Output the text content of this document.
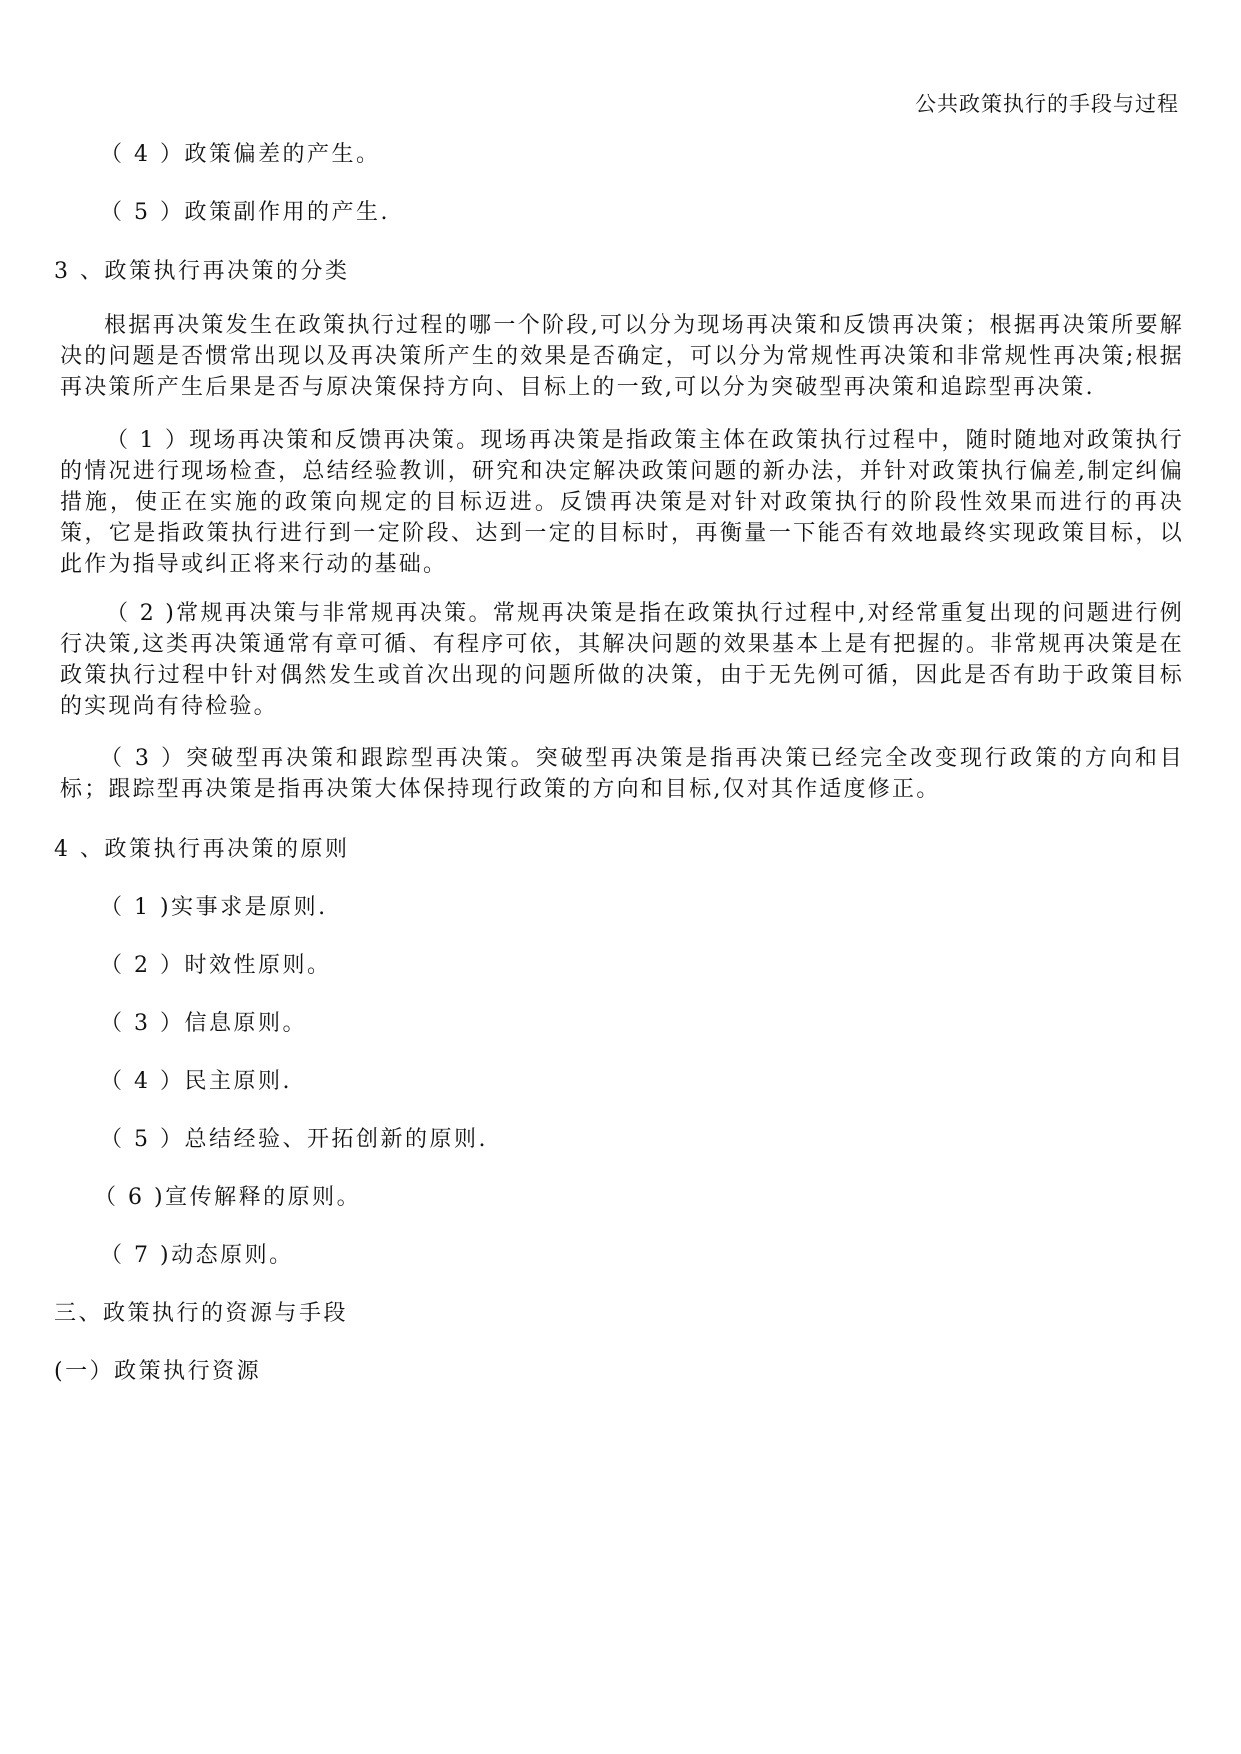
公共政策执行的手段与过程
（ 4 ）政策偏差的产生。
（ 5 ）政策副作用的产生.
3 、政策执行再决策的分类
根据再决策发生在政策执行过程的哪一个阶段,可以分为现场再决策和反馈再决策；根据再决策所要解决的问题是否惯常出现以及再决策所产生的效果是否确定，可以分为常规性再决策和非常规性再决策;根据再决策所产生后果是否与原决策保持方向、目标上的一致,可以分为突破型再决策和追踪型再决策.
（ 1 ）现场再决策和反馈再决策。现场再决策是指政策主体在政策执行过程中，随时随地对政策执行的情况进行现场检查，总结经验教训，研究和决定解决政策问题的新办法，并针对政策执行偏差,制定纠偏措施，使正在实施的政策向规定的目标迈进。反馈再决策是对针对政策执行的阶段性效果而进行的再决策，它是指政策执行进行到一定阶段、达到一定的目标时，再衡量一下能否有效地最终实现政策目标，以此作为指导或纠正将来行动的基础。
（ 2 )常规再决策与非常规再决策。常规再决策是指在政策执行过程中,对经常重复出现的问题进行例行决策,这类再决策通常有章可循、有程序可依，其解决问题的效果基本上是有把握的。非常规再决策是在政策执行过程中针对偶然发生或首次出现的问题所做的决策，由于无先例可循，因此是否有助于政策目标的实现尚有待检验。
（ 3 ）突破型再决策和跟踪型再决策。突破型再决策是指再决策已经完全改变现行政策的方向和目标；跟踪型再决策是指再决策大体保持现行政策的方向和目标,仅对其作适度修正。
4 、政策执行再决策的原则
（ 1 )实事求是原则.
（ 2 ）时效性原则。
（ 3 ）信息原则。
（ 4 ）民主原则.
（ 5 ）总结经验、开拓创新的原则.
（ 6 )宣传解释的原则。
（ 7 )动态原则。
三、政策执行的资源与手段
(一）政策执行资源
